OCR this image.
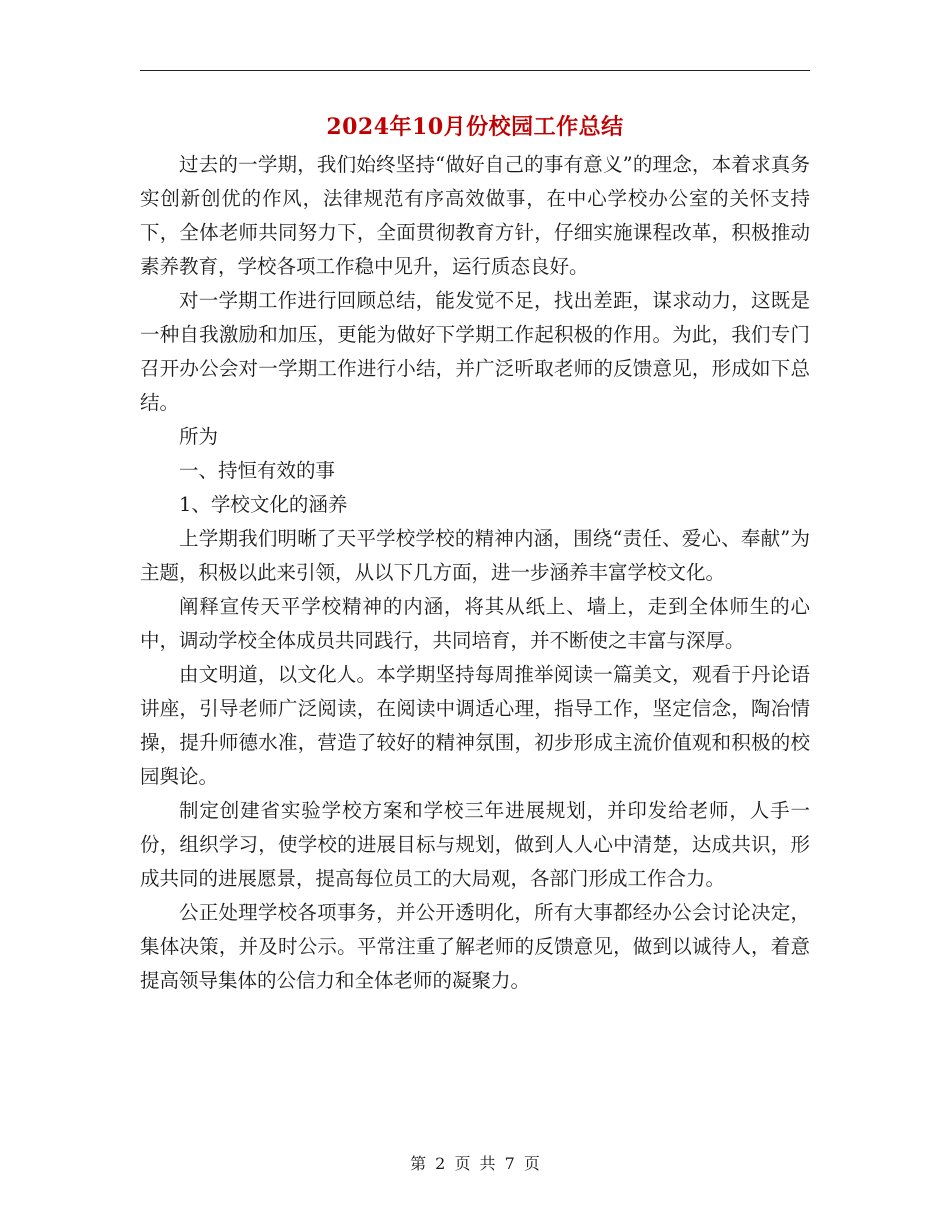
2024年10月份校园工作总结

过去的一学期，我们始终坚持“做好自己的事有意义”的理念，本着求真务实创新创优的作风，法律规范有序高效做事，在中心学校办公室的关怀支持下，全体老师共同努力下，全面贯彻教育方针，仔细实施课程改革，积极推动素养教育，学校各项工作稳中见升，运行质态良好。

对一学期工作进行回顾总结，能发觉不足，找出差距，谋求动力，这既是一种自我激励和加压，更能为做好下学期工作起积极的作用。为此，我们专门召开办公会对一学期工作进行小结，并广泛听取老师的反馈意见，形成如下总结。

所为

一、持恒有效的事

1、学校文化的涵养

上学期我们明晰了天平学校学校的精神内涵，围绕“责任、爱心、奉献”为主题，积极以此来引领，从以下几方面，进一步涵养丰富学校文化。

阐释宣传天平学校精神的内涵，将其从纸上、墙上，走到全体师生的心中，调动学校全体成员共同践行，共同培育，并不断使之丰富与深厚。

由文明道，以文化人。本学期坚持每周推举阅读一篇美文，观看于丹论语讲座，引导老师广泛阅读，在阅读中调适心理，指导工作，坚定信念，陶冶情操，提升师德水准，营造了较好的精神氛围，初步形成主流价值观和积极的校园舆论。

制定创建省实验学校方案和学校三年进展规划，并印发给老师，人手一份，组织学习，使学校的进展目标与规划，做到人人心中清楚，达成共识，形成共同的进展愿景，提高每位员工的大局观，各部门形成工作合力。

公正处理学校各项事务，并公开透明化，所有大事都经办公会讨论决定，集体决策，并及时公示。平常注重了解老师的反馈意见，做到以诚待人，着意提高领导集体的公信力和全体老师的凝聚力。

第 2 页 共 7 页
